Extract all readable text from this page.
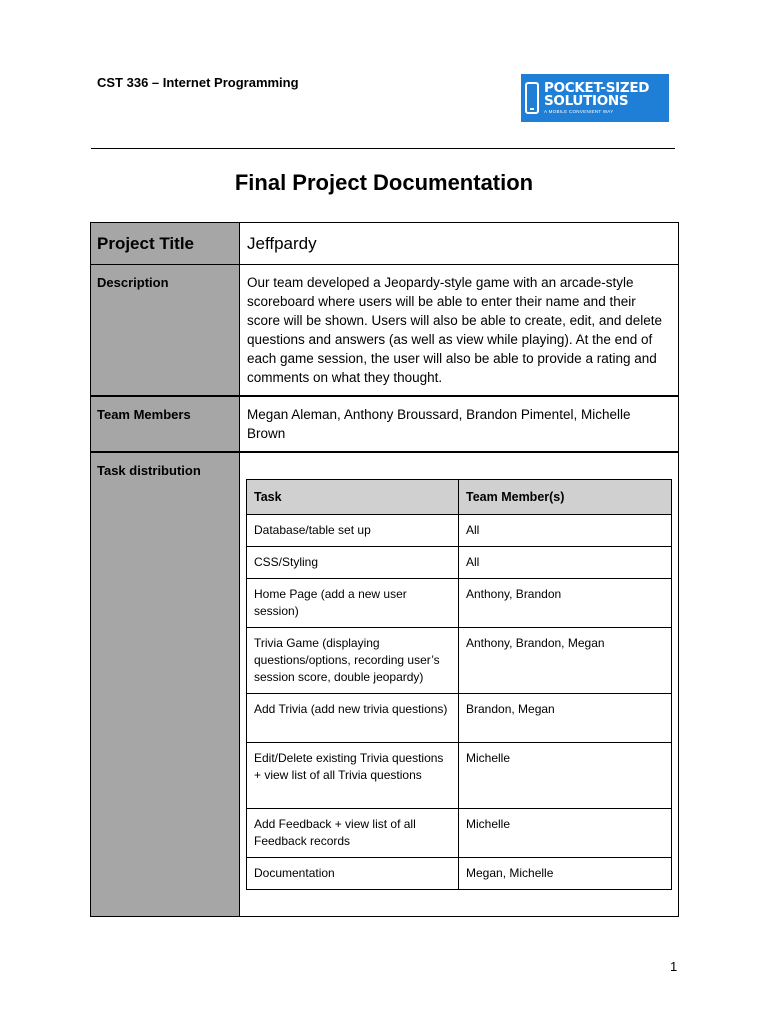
CST 336 – Internet Programming	POCKET-SIZED
SOLUTIONS
A MOBILE CONVENIENT WAY
Final Project Documentation
Project Title	Jeffpardy
Description	Our team developed a Jeopardy-style game with an arcade-style scoreboard where users will be able to enter their name and their score will be shown. Users will also be able to create, edit, and delete questions and answers (as well as view while playing). At the end of each game session, the user will also be able to provide a rating and comments on what they thought.
Team Members	Megan Aleman, Anthony Broussard, Brandon Pimentel, Michelle Brown
Task distribution	
Task	Team Member(s)
Database/table set up	All
CSS/Styling	All
Home Page (add a new user session)	Anthony, Brandon
Trivia Game (displaying questions/options, recording user’s session score, double jeopardy)	Anthony, Brandon, Megan
Add Trivia (add new trivia questions)	Brandon, Megan
Edit/Delete existing Trivia questions + view list of all Trivia questions	Michelle
Add Feedback + view list of all Feedback records	Michelle
Documentation	Megan, Michelle
1
